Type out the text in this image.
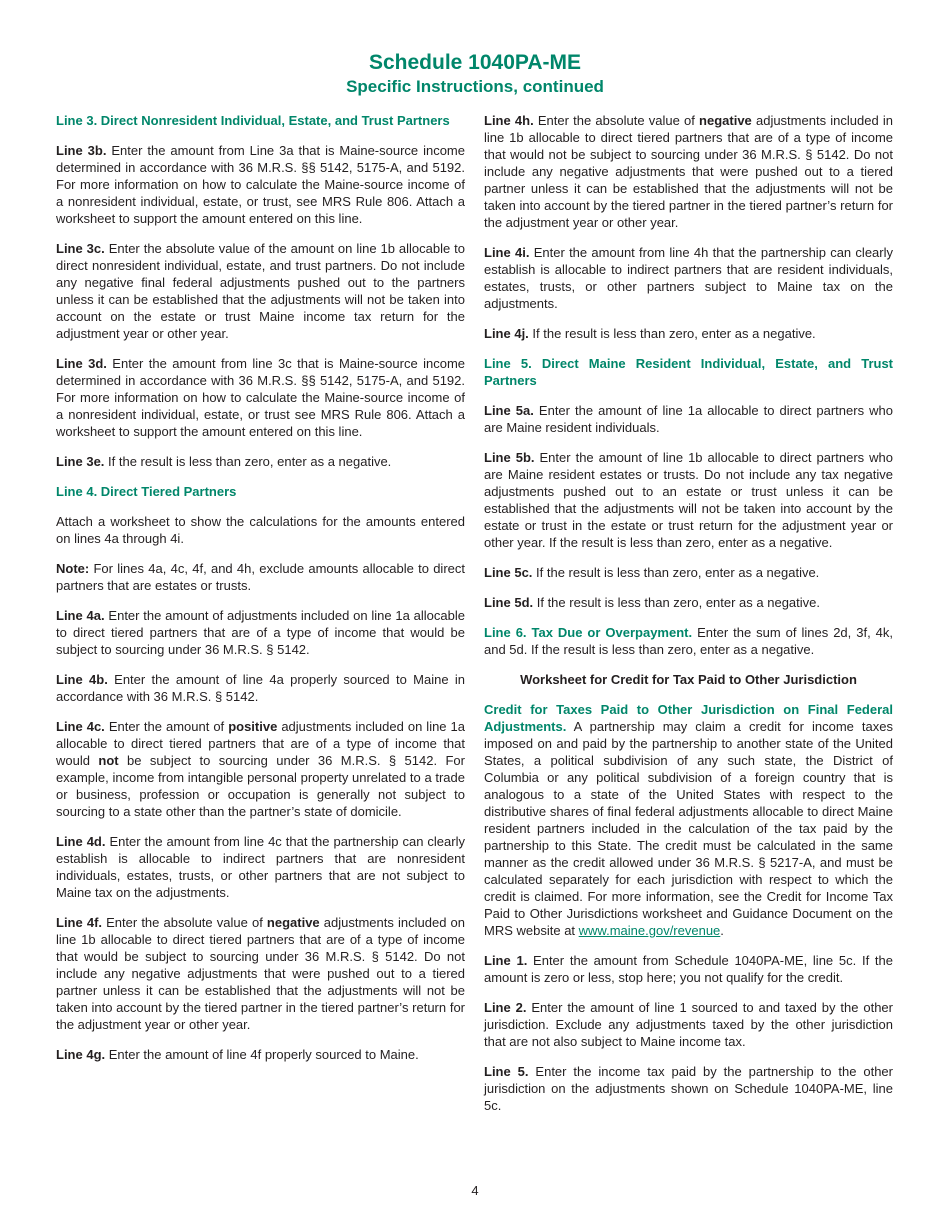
Schedule 1040PA-ME
Specific Instructions, continued

Line 3. Direct Nonresident Individual, Estate, and Trust Partners

Line 3b. Enter the amount from Line 3a that is Maine-source income determined in accordance with 36 M.R.S. §§ 5142, 5175-A, and 5192. For more information on how to calculate the Maine-source income of a nonresident individual, estate, or trust, see MRS Rule 806. Attach a worksheet to support the amount entered on this line.

Line 3c. Enter the absolute value of the amount on line 1b allocable to direct nonresident individual, estate, and trust partners. Do not include any negative final federal adjustments pushed out to the partners unless it can be established that the adjustments will not be taken into account on the estate or trust Maine income tax return for the adjustment year or other year.

Line 3d. Enter the amount from line 3c that is Maine-source income determined in accordance with 36 M.R.S. §§ 5142, 5175-A, and 5192. For more information on how to calculate the Maine-source income of a nonresident individual, estate, or trust see MRS Rule 806. Attach a worksheet to support the amount entered on this line.

Line 3e. If the result is less than zero, enter as a negative.

Line 4. Direct Tiered Partners

Attach a worksheet to show the calculations for the amounts entered on lines 4a through 4i.

Note: For lines 4a, 4c, 4f, and 4h, exclude amounts allocable to direct partners that are estates or trusts.

Line 4a. Enter the amount of adjustments included on line 1a allocable to direct tiered partners that are of a type of income that would be subject to sourcing under 36 M.R.S. § 5142.

Line 4b. Enter the amount of line 4a properly sourced to Maine in accordance with 36 M.R.S. § 5142.

Line 4c. Enter the amount of positive adjustments included on line 1a allocable to direct tiered partners that are of a type of income that would not be subject to sourcing under 36 M.R.S. § 5142. For example, income from intangible personal property unrelated to a trade or business, profession or occupation is generally not subject to sourcing to a state other than the partner’s state of domicile.

Line 4d. Enter the amount from line 4c that the partnership can clearly establish is allocable to indirect partners that are nonresident individuals, estates, trusts, or other partners that are not subject to Maine tax on the adjustments.

Line 4f. Enter the absolute value of negative adjustments included on line 1b allocable to direct tiered partners that are of a type of income that would be subject to sourcing under 36 M.R.S. § 5142. Do not include any negative adjustments that were pushed out to a tiered partner unless it can be established that the adjustments will not be taken into account by the tiered partner in the tiered partner’s return for the adjustment year or other year.

Line 4g. Enter the amount of line 4f properly sourced to Maine.

Line 4h. Enter the absolute value of negative adjustments included in line 1b allocable to direct tiered partners that are of a type of income that would not be subject to sourcing under 36 M.R.S. § 5142. Do not include any negative adjustments that were pushed out to a tiered partner unless it can be established that the adjustments will not be taken into account by the tiered partner in the tiered partner’s return for the adjustment year or other year.

Line 4i. Enter the amount from line 4h that the partnership can clearly establish is allocable to indirect partners that are resident individuals, estates, trusts, or other partners subject to Maine tax on the adjustments.

Line 4j. If the result is less than zero, enter as a negative.

Line 5. Direct Maine Resident Individual, Estate, and Trust Partners

Line 5a. Enter the amount of line 1a allocable to direct partners who are Maine resident individuals.

Line 5b. Enter the amount of line 1b allocable to direct partners who are Maine resident estates or trusts. Do not include any tax negative adjustments pushed out to an estate or trust unless it can be established that the adjustments will not be taken into account by the estate or trust in the estate or trust return for the adjustment year or other year. If the result is less than zero, enter as a negative.

Line 5c. If the result is less than zero, enter as a negative.

Line 5d. If the result is less than zero, enter as a negative.

Line 6. Tax Due or Overpayment. Enter the sum of lines 2d, 3f, 4k, and 5d. If the result is less than zero, enter as a negative.

Worksheet for Credit for Tax Paid to Other Jurisdiction

Credit for Taxes Paid to Other Jurisdiction on Final Federal Adjustments. A partnership may claim a credit for income taxes imposed on and paid by the partnership to another state of the United States, a political subdivision of any such state, the District of Columbia or any political subdivision of a foreign country that is analogous to a state of the United States with respect to the distributive shares of final federal adjustments allocable to direct Maine resident partners included in the calculation of the tax paid by the partnership to this State. The credit must be calculated in the same manner as the credit allowed under 36 M.R.S. § 5217-A, and must be calculated separately for each jurisdiction with respect to which the credit is claimed. For more information, see the Credit for Income Tax Paid to Other Jurisdictions worksheet and Guidance Document on the MRS website at www.maine.gov/revenue.

Line 1. Enter the amount from Schedule 1040PA-ME, line 5c. If the amount is zero or less, stop here; you not qualify for the credit.

Line 2. Enter the amount of line 1 sourced to and taxed by the other jurisdiction. Exclude any adjustments taxed by the other jurisdiction that are not also subject to Maine income tax.

Line 5. Enter the income tax paid by the partnership to the other jurisdiction on the adjustments shown on Schedule 1040PA-ME, line 5c.

4
